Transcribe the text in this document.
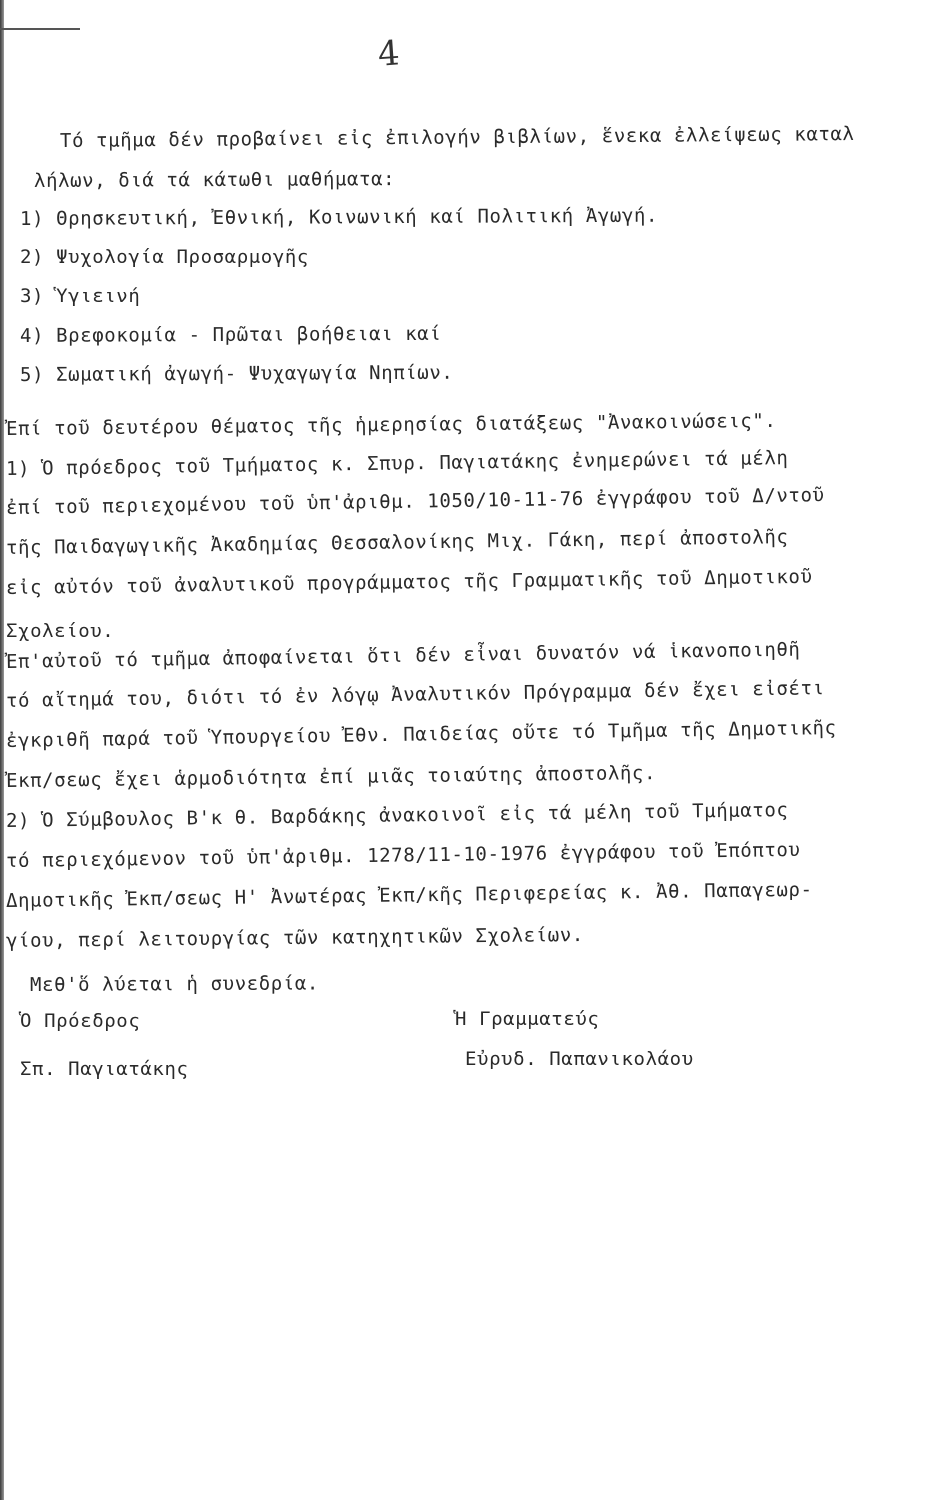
4
Τό τμῆμα δέν προβαίνει εἰς ἐπιλογήν βιβλίων, ἕνεκα ἐλλείψεως καταλ
λήλων, διά τά κάτωθι μαθήματα:
1) Θρησκευτική, Ἐθνική, Κοινωνική καί Πολιτική Ἀγωγή.
2) Ψυχολογία Προσαρμογῆς
3) Ὑγιεινή
4) Βρεφοκομία - Πρῶται βοήθειαι καί
5) Σωματική ἀγωγή- Ψυχαγωγία Νηπίων.
Ἐπί τοῦ δευτέρου θέματος τῆς ἡμερησίας διατάξεως "Ἀνακοινώσεις".
1) Ὁ πρόεδρος τοῦ Τμήματος κ. Σπυρ. Παγιατάκης ἐνημερώνει τά μέλη
ἐπί τοῦ περιεχομένου τοῦ ὑπ'ἀριθμ. 1050/10-11-76 ἐγγράφου τοῦ Δ/ντοῦ
τῆς Παιδαγωγικῆς Ἀκαδημίας Θεσσαλονίκης Μιχ. Γάκη, περί ἀποστολῆς
εἰς αὐτόν τοῦ ἀναλυτικοῦ προγράμματος τῆς Γραμματικῆς τοῦ Δημοτικοῦ
Σχολείου.
Ἐπ'αὐτοῦ τό τμῆμα ἀποφαίνεται ὅτι δέν εἶναι δυνατόν νά ἱκανοποιηθῆ
τό αἴτημά του, διότι τό ἐν λόγῳ Ἀναλυτικόν Πρόγραμμα δέν ἔχει εἰσέτι
ἐγκριθῆ παρά τοῦ Ὑπουργείου Ἐθν. Παιδείας οὔτε τό Τμῆμα τῆς Δημοτικῆς
Ἐκπ/σεως ἔχει ἁρμοδιότητα ἐπί μιᾶς τοιαύτης ἀποστολῆς.
2) Ὁ Σύμβουλος Β'κ θ. Βαρδάκης ἀνακοινοῖ εἰς τά μέλη τοῦ Τμήματος
τό περιεχόμενον τοῦ ὑπ'ἀριθμ. 1278/11-10-1976 ἐγγράφου τοῦ Ἐπόπτου
Δημοτικῆς Ἐκπ/σεως Η' Ἀνωτέρας Ἐκπ/κῆς Περιφερείας κ. Ἀθ. Παπαγεωρ-
γίου, περί λειτουργίας τῶν κατηχητικῶν Σχολείων.
Μεθ'ὅ λύεται ἡ συνεδρία.
Ὁ Πρόεδρος
Σπ. Παγιατάκης
Ἡ Γραμματεύς
Εὐρυδ. Παπανικολάου
